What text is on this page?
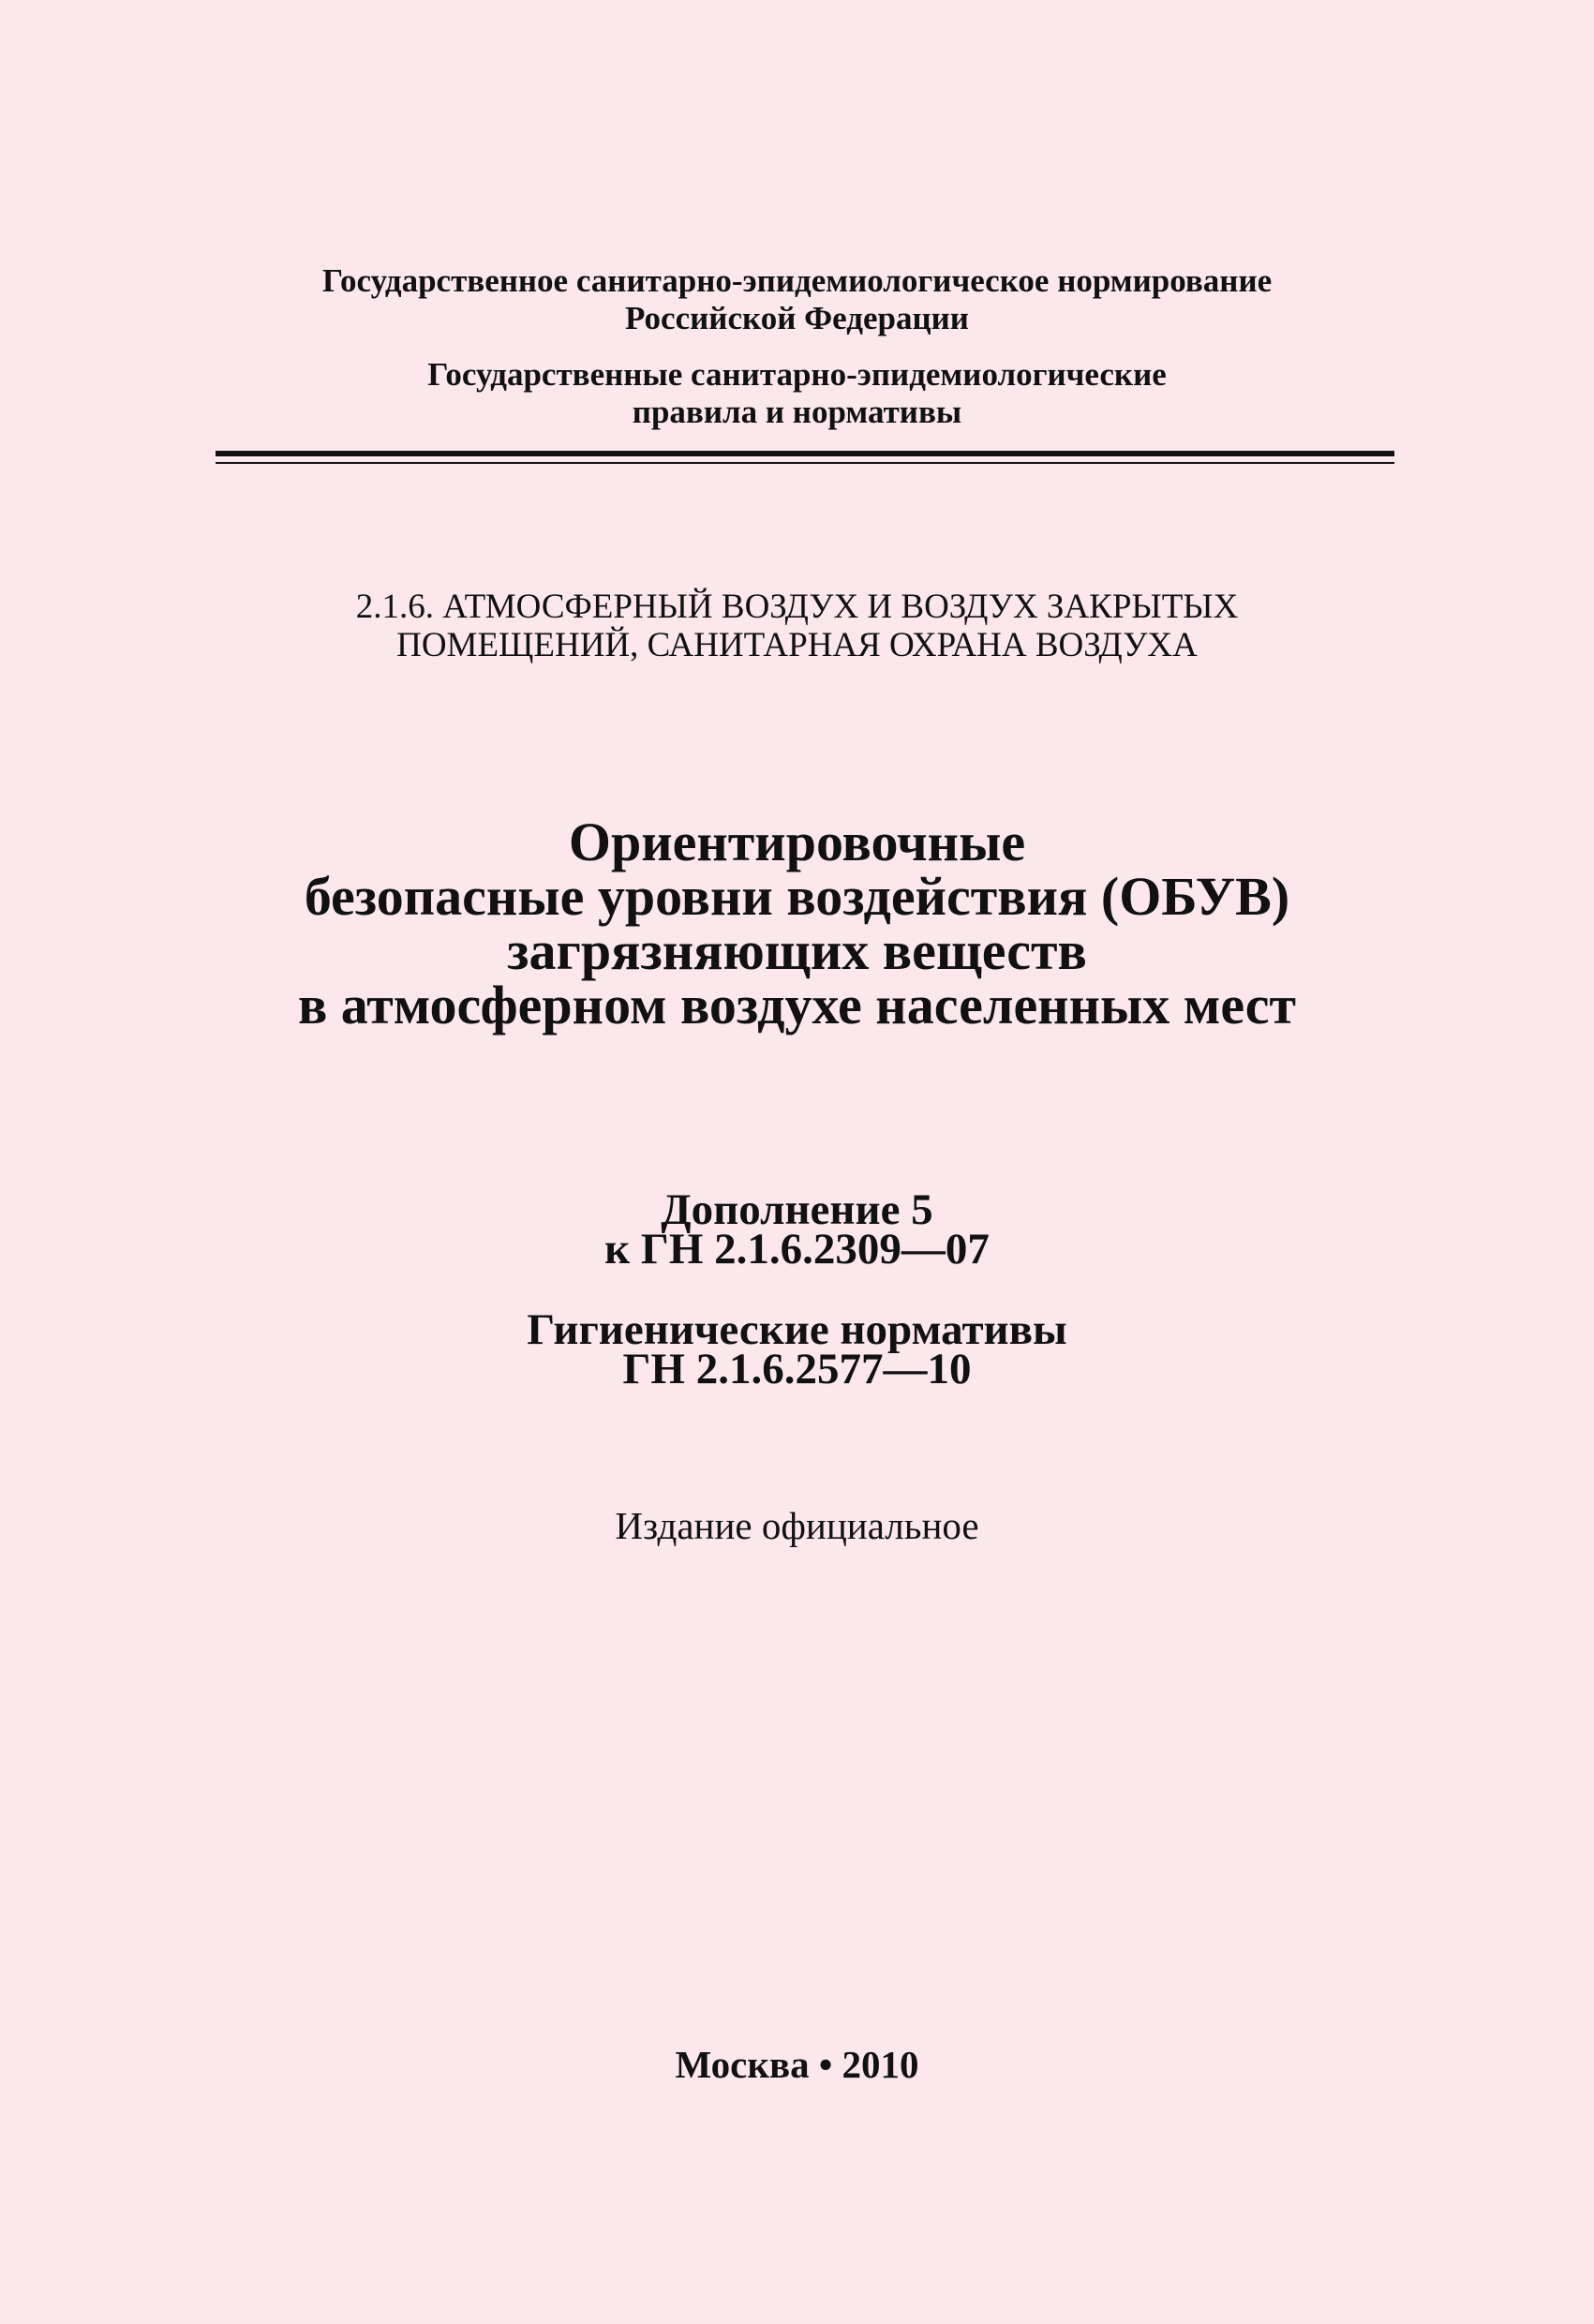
Государственное санитарно-эпидемиологическое нормирование
Российской Федерации
Государственные санитарно-эпидемиологические
правила и нормативы
2.1.6. АТМОСФЕРНЫЙ ВОЗДУХ И ВОЗДУХ ЗАКРЫТЫХ
ПОМЕЩЕНИЙ, САНИТАРНАЯ ОХРАНА ВОЗДУХА
Ориентировочные
безопасные уровни воздействия (ОБУВ)
загрязняющих веществ
в атмосферном воздухе населенных мест
Дополнение 5
к ГН 2.1.6.2309—07
Гигиенические нормативы
ГН 2.1.6.2577—10
Издание официальное
Москва • 2010
